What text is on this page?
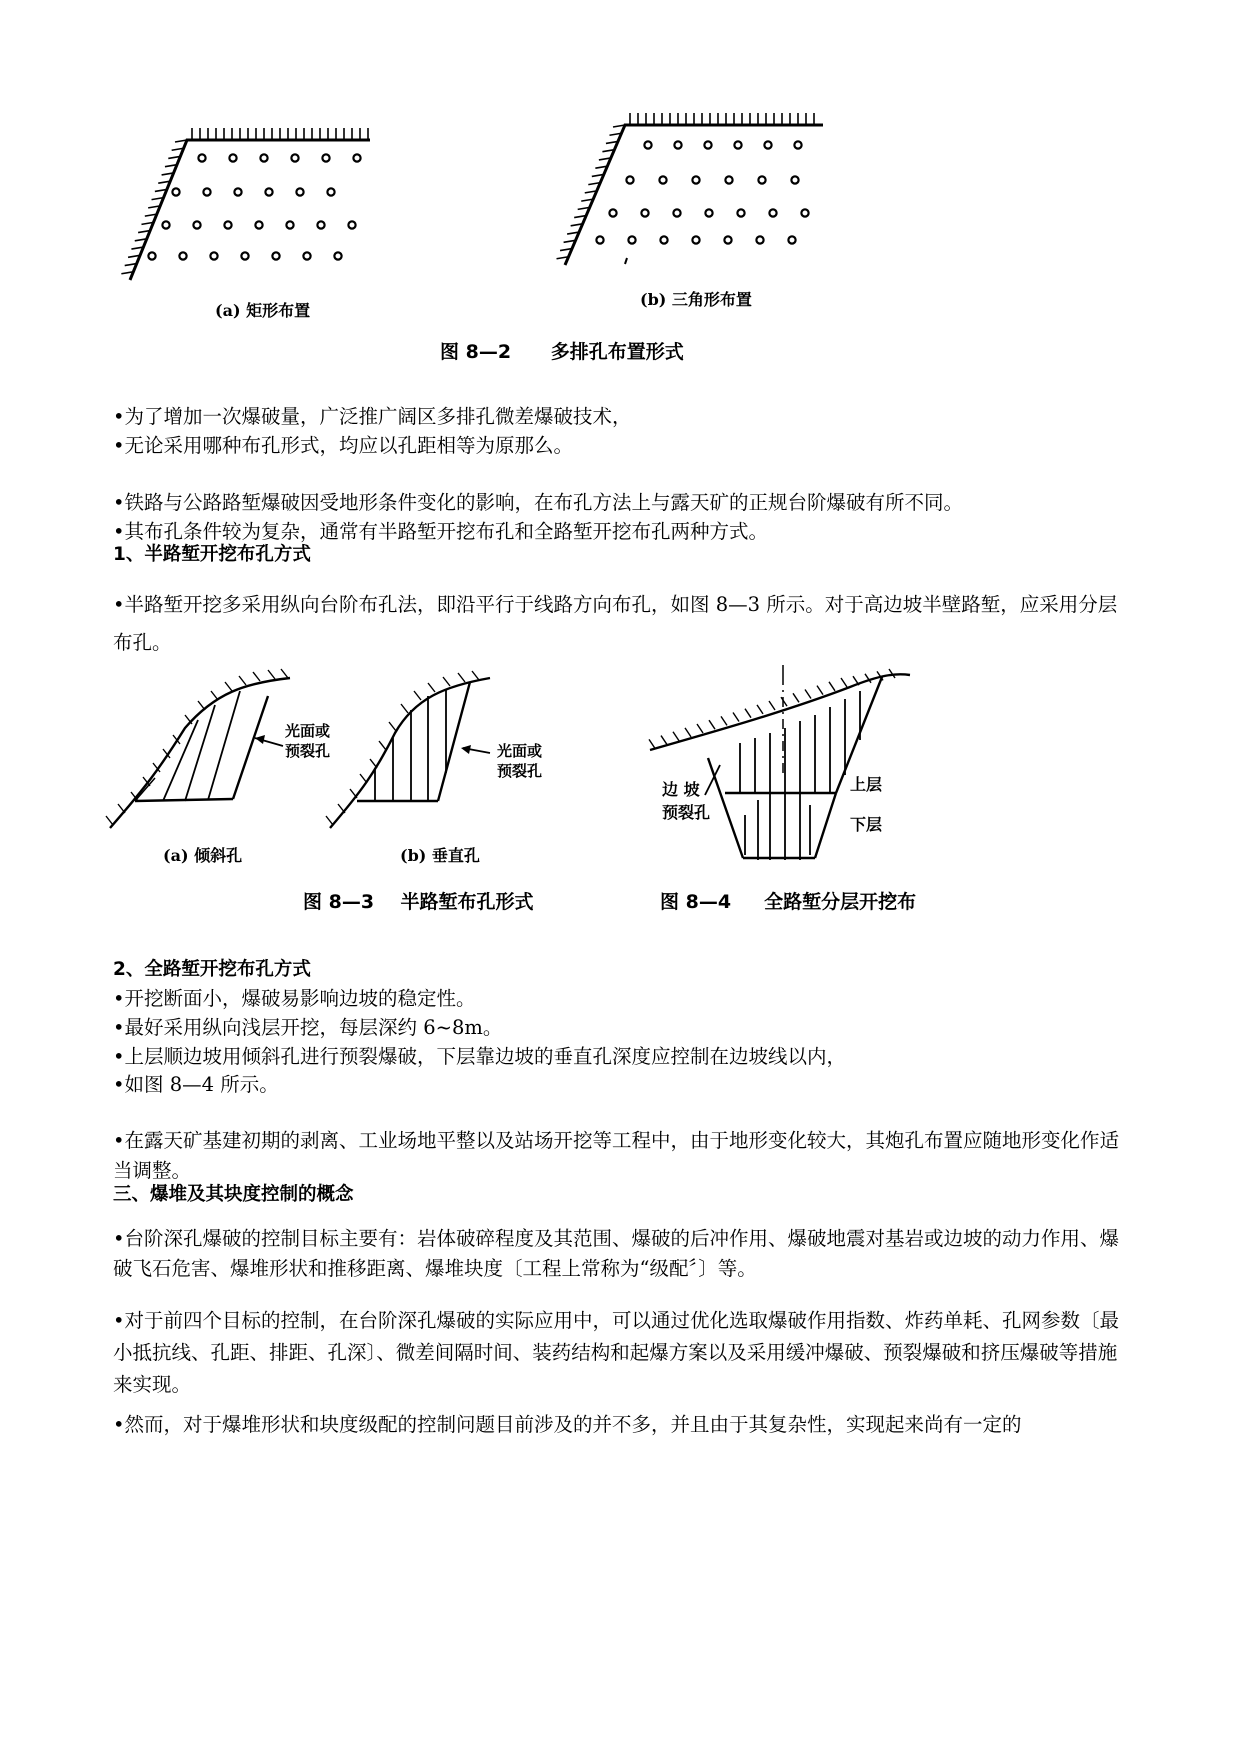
(a) 矩形布置
(b) 三角形布置
图 8—2      多排孔布置形式
•为了增加一次爆破量，广泛推广阔区多排孔微差爆破技术，
•无论采用哪种布孔形式，均应以孔距相等为原那么。
•铁路与公路路堑爆破因受地形条件变化的影响，在布孔方法上与露天矿的正规台阶爆破有所不同。
•其布孔条件较为复杂，通常有半路堑开挖布孔和全路堑开挖布孔两种方式。
1、半路堑开挖布孔方式
•半路堑开挖多采用纵向台阶布孔法，即沿平行于线路方向布孔，如图 8—3 所示。对于高边坡半壁路堑，应采用分层布孔。
光面或
预裂孔	光面或
预裂孔
(a) 倾斜孔	(b) 垂直孔
边 坡
预裂孔
上层
下层
图 8—3    半路堑布孔形式	图 8—4     全路堑分层开挖布
2、全路堑开挖布孔方式
•开挖断面小，爆破易影响边坡的稳定性。
•最好采用纵向浅层开挖，每层深约 6~8m。
•上层顺边坡用倾斜孔进行预裂爆破，下层靠边坡的垂直孔深度应控制在边坡线以内，
•如图 8—4 所示。
•在露天矿基建初期的剥离、工业场地平整以及站场开挖等工程中，由于地形变化较大，其炮孔布置应随地形变化作适当调整。
三、爆堆及其块度控制的概念
•台阶深孔爆破的控制目标主要有：岩体破碎程度及其范围、爆破的后冲作用、爆破地震对基岩或边坡的动力作用、爆破飞石危害、爆堆形状和推移距离、爆堆块度〔工程上常称为“级配〞〕等。
•对于前四个目标的控制，在台阶深孔爆破的实际应用中，可以通过优化选取爆破作用指数、炸药单耗、孔网参数〔最小抵抗线、孔距、排距、孔深〕、微差间隔时间、装药结构和起爆方案以及采用缓冲爆破、预裂爆破和挤压爆破等措施来实现。
•然而，对于爆堆形状和块度级配的控制问题目前涉及的并不多，并且由于其复杂性，实现起来尚有一定的
